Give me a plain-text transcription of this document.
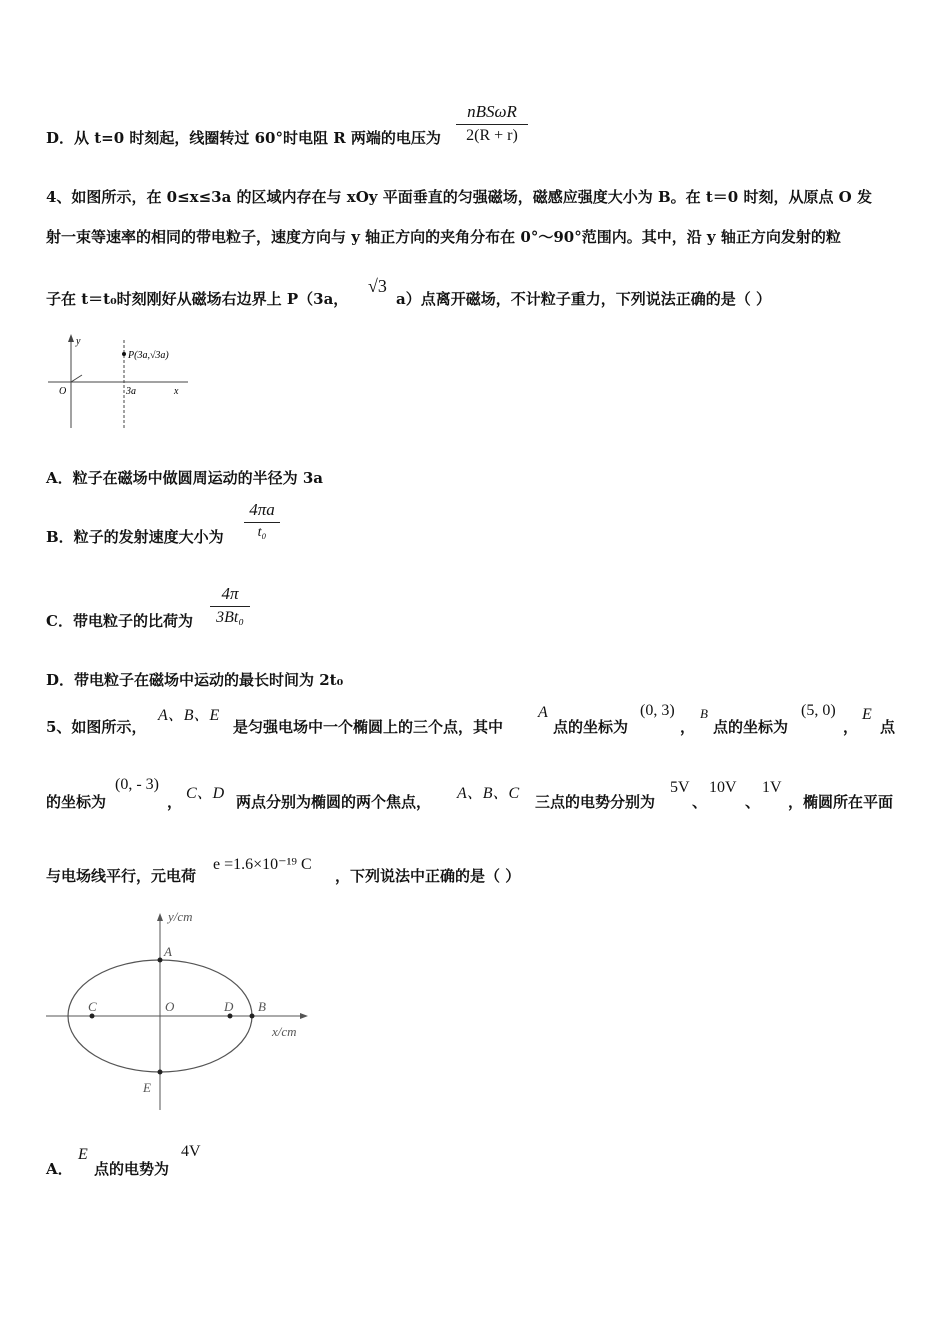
D．从 t=0 时刻起，线圈转过 60°时电阻 R 两端的电压为
nBSωR
2(R + r)
4、如图所示，在 0≤x≤3a 的区域内存在与 xOy 平面垂直的匀强磁场，磁感应强度大小为 B。在 t＝0 时刻，从原点 O 发
射一束等速率的相同的带电粒子，速度方向与 y 轴正方向的夹角分布在 0°～90°范围内。其中，沿 y 轴正方向发射的粒
子在 t＝t₀时刻刚好从磁场右边界上 P（3a，
√3
a）点离开磁场，不计粒子重力，下列说法正确的是（ ）
y
x
O	3a
P(3a,√3a)
A．粒子在磁场中做圆周运动的半径为 3a
B．粒子的发射速度大小为
4πa
t₀
C．带电粒子的比荷为
4π
3Bt₀
D．带电粒子在磁场中运动的最长时间为 2t₀
5、如图所示，
A、B、E
是匀强电场中一个椭圆上的三个点，其中
A
点的坐标为
(0, 3)
，
B
点的坐标为
(5, 0)
，
E
点
的坐标为
(0, - 3)
， C、D 两点分别为椭圆的两个焦点， A、B、C 三点的电势分别为
5V
、
10V
、
1V
，椭圆所在平面
与电场线平行，元电荷
e =1.6×10⁻¹⁹ C
，下列说法中正确的是（ ）
y/cm
x/cm
A
B
C	D
E
O
A．
E
点的电势为
4V
